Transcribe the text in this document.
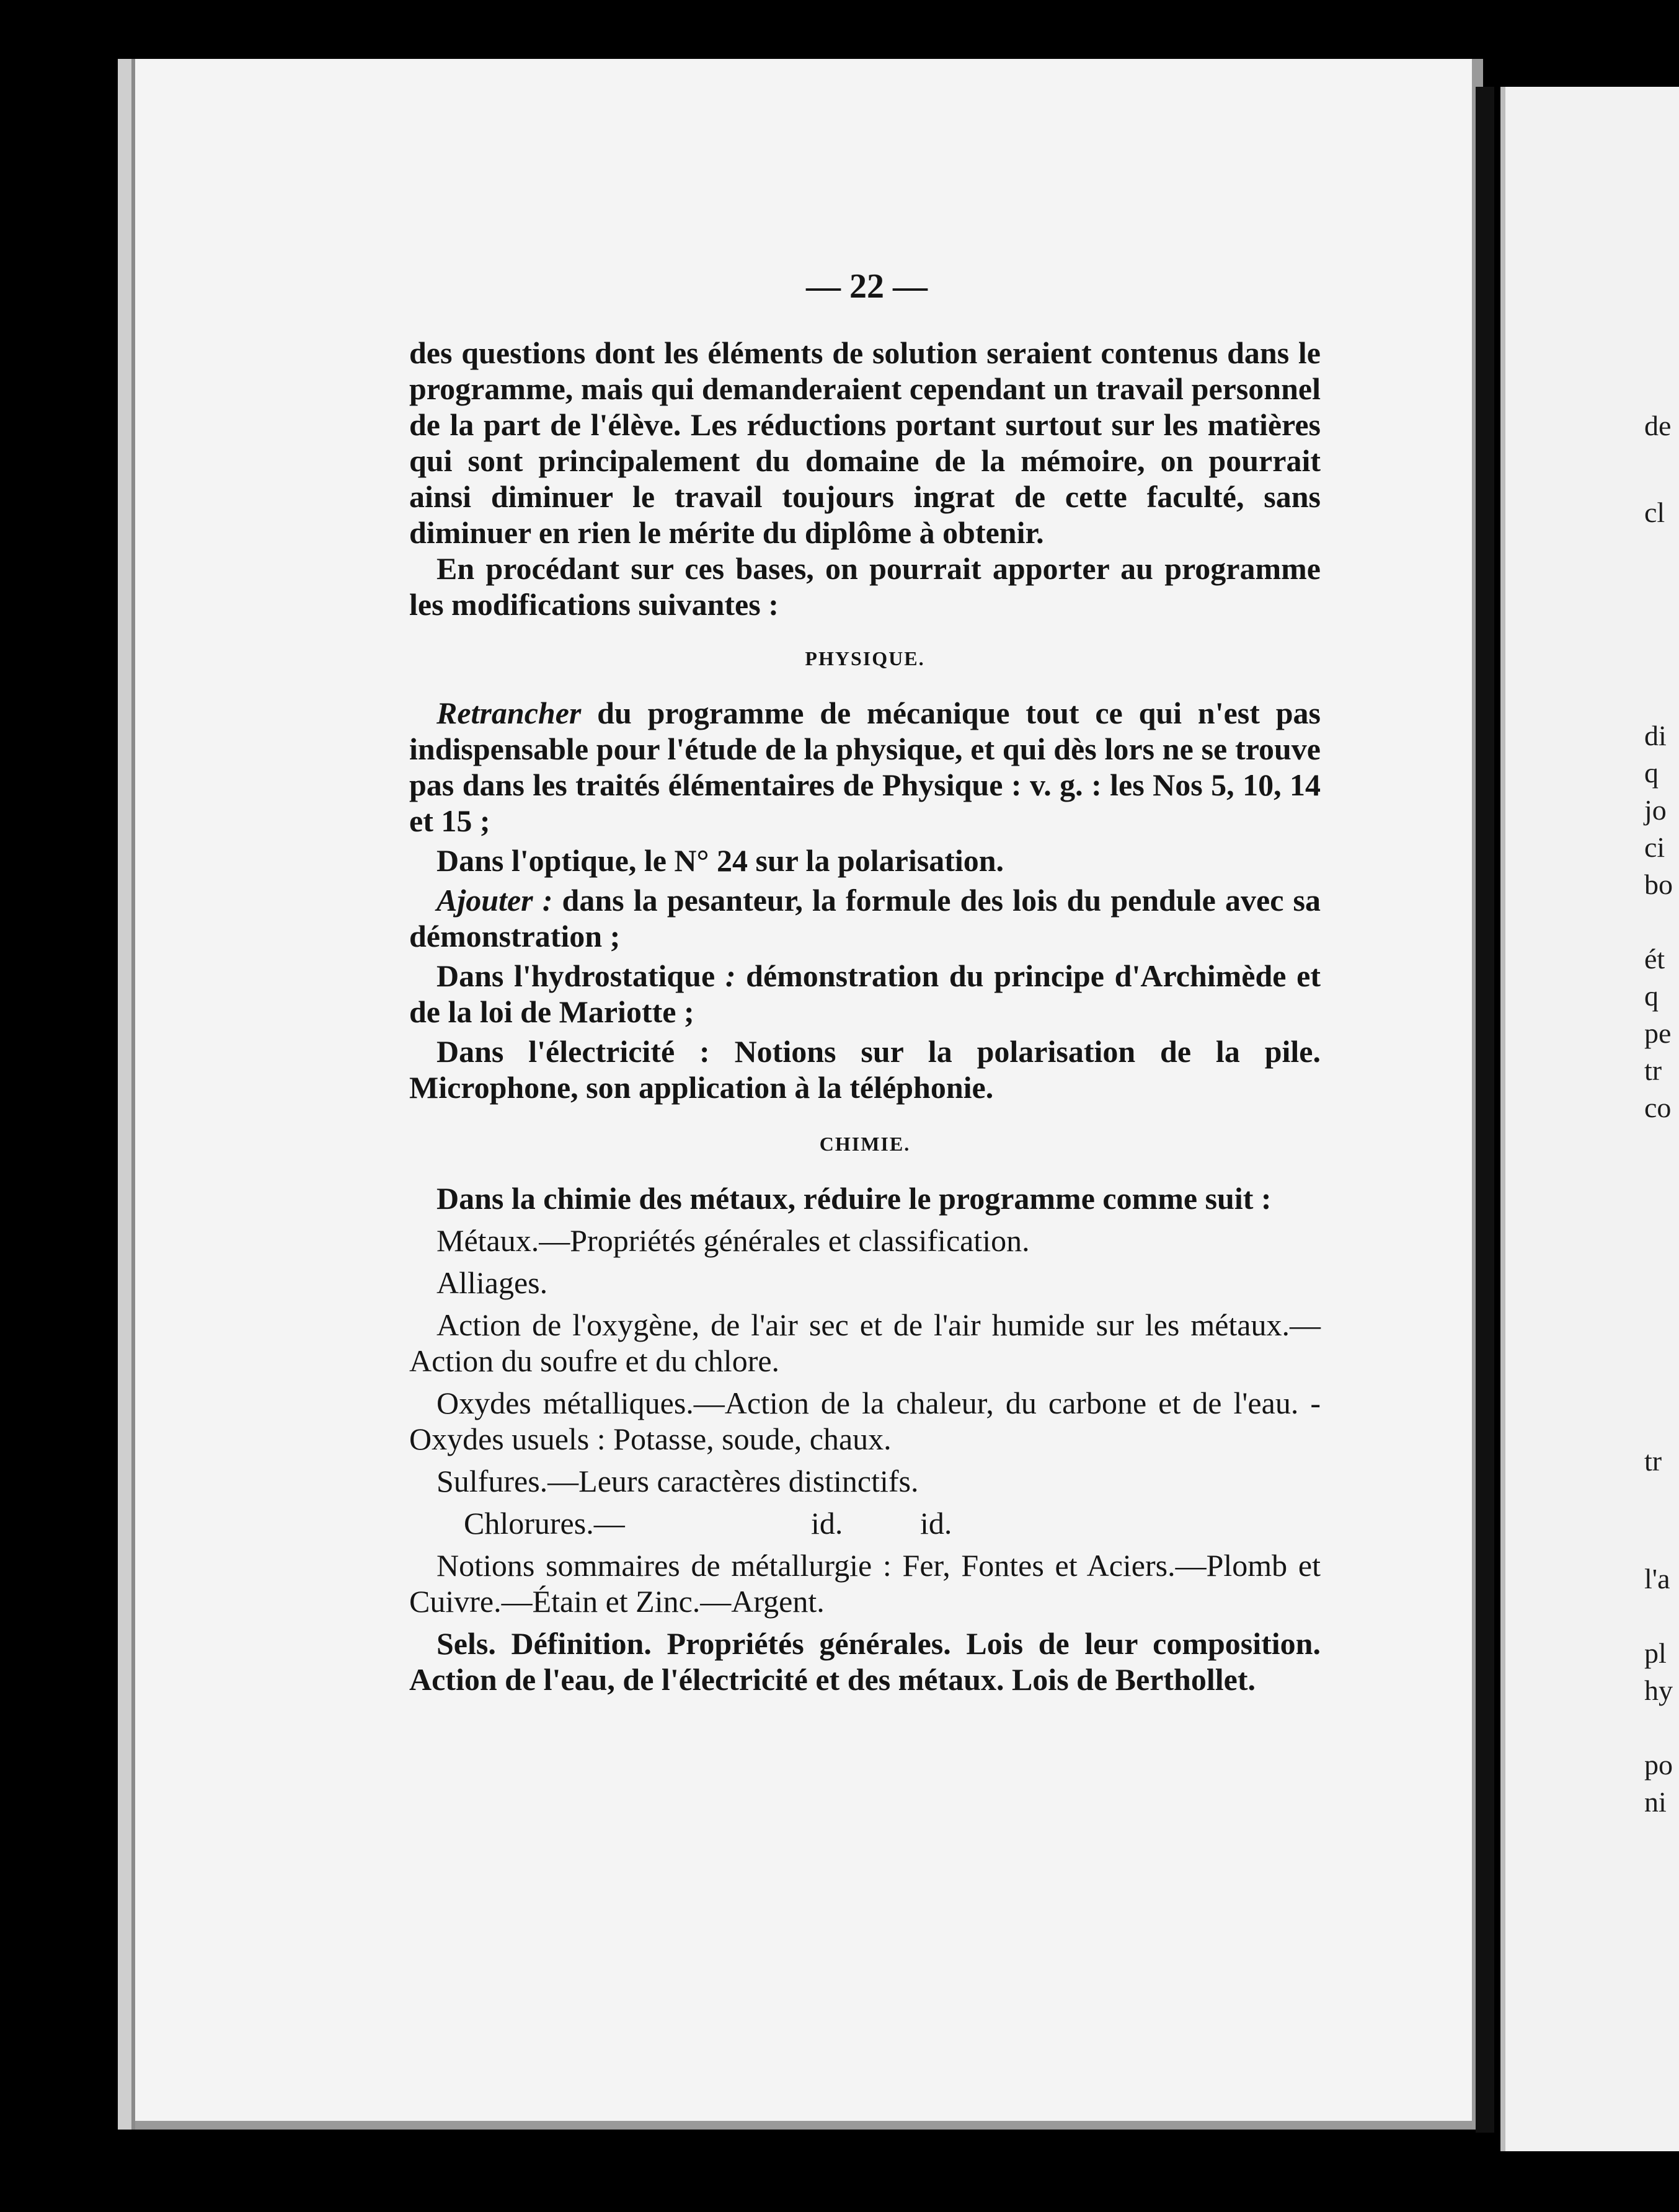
de
cl
di
q
jo
ci
bo
ét
q
pe
tr
co
tr
l'a
pl
hy
po
ni
— 22 —

des questions dont les éléments de solution seraient contenus dans le programme, mais qui demanderaient cependant un travail personnel de la part de l'élève. Les réductions portant surtout sur les matières qui sont principalement du domaine de la mémoire, on pourrait ainsi diminuer le travail toujours ingrat de cette faculté, sans diminuer en rien le mérite du diplôme à obtenir.

En procédant sur ces bases, on pourrait apporter au programme les modifications suivantes :

PHYSIQUE.

Retrancher du programme de mécanique tout ce qui n'est pas indispensable pour l'étude de la physique, et qui dès lors ne se trouve pas dans les traités élémentaires de Physique : v. g. : les Nos 5, 10, 14 et 15 ;

Dans l'optique, le N° 24 sur la polarisation.

Ajouter : dans la pesanteur, la formule des lois du pendule avec sa démonstration ;

Dans l'hydrostatique : démonstration du principe d'Archimède et de la loi de Mariotte ;

Dans l'électricité : Notions sur la polarisation de la pile. Microphone, son application à la téléphonie.

CHIMIE.

Dans la chimie des métaux, réduire le programme comme suit :

Métaux.—Propriétés générales et classification.

Alliages.

Action de l'oxygène, de l'air sec et de l'air humide sur les métaux.—Action du soufre et du chlore.

Oxydes métalliques.—Action de la chaleur, du carbone et de l'eau. - Oxydes usuels : Potasse, soude, chaux.

Sulfures.—Leurs caractères distinctifs.

Chlorures.—	id. id.

Notions sommaires de métallurgie : Fer, Fontes et Aciers.—Plomb et Cuivre.—Étain et Zinc.—Argent.

Sels. Définition. Propriétés générales. Lois de leur composition. Action de l'eau, de l'électricité et des métaux. Lois de Berthollet.
